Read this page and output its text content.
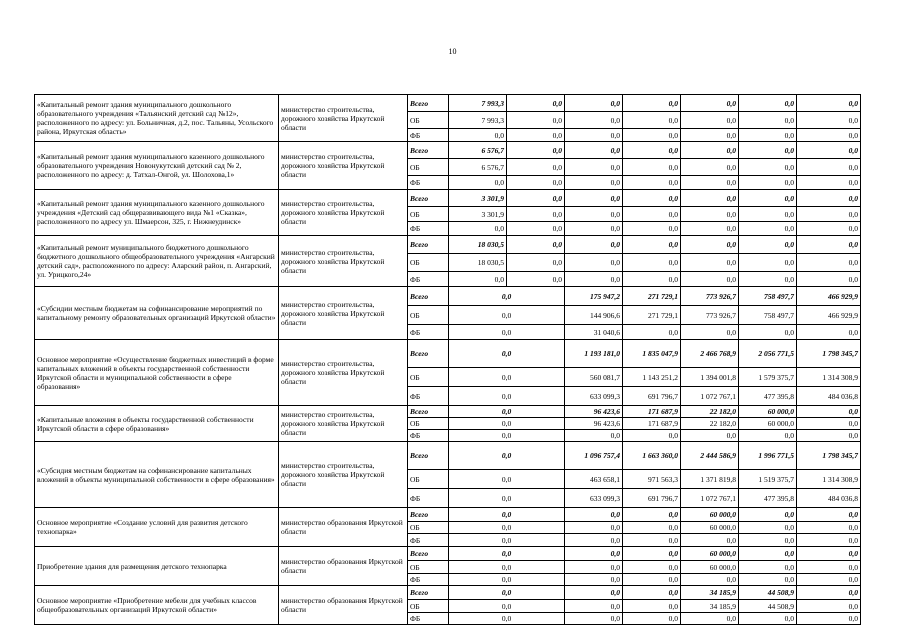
10
«Капитальный ремонт здания муниципального дошкольного образовательного учреждения «Тальянский детский сад №12», расположенного по адресу: ул. Больничная, д.2, пос. Тальяны, Усольского района, Иркутская область»	министерство строительства, дорожного хозяйства Иркутской области	Всего	7 993,3	0,0	0,0	0,0	0,0	0,0	0,0
		ОБ	7 993,3	0,0	0,0	0,0	0,0	0,0	0,0
		ФБ	0,0	0,0	0,0	0,0	0,0	0,0	0,0
«Капитальный ремонт здания муниципального казенного дошкольного образовательного учреждения Новонукутский детский сад № 2, расположенного по адресу: д. Татхал-Онгой, ул. Шолохова,1»	министерство строительства, дорожного хозяйства Иркутской области	Всего	6 576,7	0,0	0,0	0,0	0,0	0,0	0,0
		ОБ	6 576,7	0,0	0,0	0,0	0,0	0,0	0,0
		ФБ	0,0	0,0	0,0	0,0	0,0	0,0	0,0
«Капитальный ремонт здания муниципального казенного дошкольного учреждения «Детский сад общеразвивающего вида №1 «Сказка», расположенного по адресу ул. Шмаерсон, 325, г. Нижнеудинск»	министерство строительства, дорожного хозяйства Иркутской области	Всего	3 301,9	0,0	0,0	0,0	0,0	0,0	0,0
		ОБ	3 301,9	0,0	0,0	0,0	0,0	0,0	0,0
		ФБ	0,0	0,0	0,0	0,0	0,0	0,0	0,0
«Капитальный ремонт муниципального бюджетного дошкольного бюджетного дошкольного общеобразовательного учреждения «Ангарский детский сад», расположенного по адресу: Аларский район, п. Ангарский, ул. Урицкого,24»	министерство строительства, дорожного хозяйства Иркутской области	Всего	18 030,5	0,0	0,0	0,0	0,0	0,0	0,0
		ОБ	18 030,5	0,0	0,0	0,0	0,0	0,0	0,0
		ФБ	0,0	0,0	0,0	0,0	0,0	0,0	0,0
«Субсидии местным бюджетам на софинансирование мероприятий по капитальному ремонту образовательных организаций Иркутской области»	министерство строительства, дорожного хозяйства Иркутской области	Всего	0,0		175 947,2	271 729,1	773 926,7	758 497,7	466 929,9	
		ОБ	0,0		144 906,6	271 729,1	773 926,7	758 497,7	466 929,9	
		ФБ	0,0		31 040,6	0,0	0,0	0,0	0,0	
Основное мероприятие «Осуществление бюджетных инвестиций в форме капитальных вложений в объекты государственной собственности Иркутской области и муниципальной собственности в сфере образования»	министерство строительства, дорожного хозяйства Иркутской области	Всего	0,0		1 193 181,0	1 835 047,9	2 466 768,9	2 056 771,5	1 798 345,7	
		ОБ	0,0		560 081,7	1 143 251,2	1 394 001,8	1 579 375,7	1 314 308,9	
		ФБ	0,0		633 099,3	691 796,7	1 072 767,1	477 395,8	484 036,8	
«Капитальные вложения в объекты государственной собственности Иркутской области в сфере образования»	министерство строительства, дорожного хозяйства Иркутской области	Всего	0,0		96 423,6	171 687,9	22 182,0	60 000,0	0,0	
		ОБ	0,0		96 423,6	171 687,9	22 182,0	60 000,0	0,0	
		ФБ	0,0		0,0	0,0	0,0	0,0	0,0	
«Субсидия местным бюджетам на софинансирование капитальных вложений в объекты муниципальной собственности в сфере образования»	министерство строительства, дорожного хозяйства Иркутской области	Всего	0,0		1 096 757,4	1 663 360,0	2 444 586,9	1 996 771,5	1 798 345,7	
		ОБ	0,0		463 658,1	971 563,3	1 371 819,8	1 519 375,7	1 314 308,9	
		ФБ	0,0		633 099,3	691 796,7	1 072 767,1	477 395,8	484 036,8	
Основное мероприятие «Создание условий для развития детского технопарка»	министерство образования Иркутской области	Всего	0,0		0,0	0,0	60 000,0	0,0	0,0	
		ОБ	0,0		0,0	0,0	60 000,0	0,0	0,0	
		ФБ	0,0		0,0	0,0	0,0	0,0	0,0	
Приобретение здания для размещения детского технопарка	министерство образования Иркутской области	Всего	0,0		0,0	0,0	60 000,0	0,0	0,0	
		ОБ	0,0		0,0	0,0	60 000,0	0,0	0,0	
		ФБ	0,0		0,0	0,0	0,0	0,0	0,0	
Основное мероприятие «Приобретение мебели для учебных классов общеобразовательных организаций Иркутской области»	министерство образования Иркутской области	Всего	0,0		0,0	0,0	34 185,9	44 508,9	0,0	
		ОБ	0,0		0,0	0,0	34 185,9	44 508,9	0,0	
		ФБ	0,0		0,0	0,0	0,0	0,0	0,0	
